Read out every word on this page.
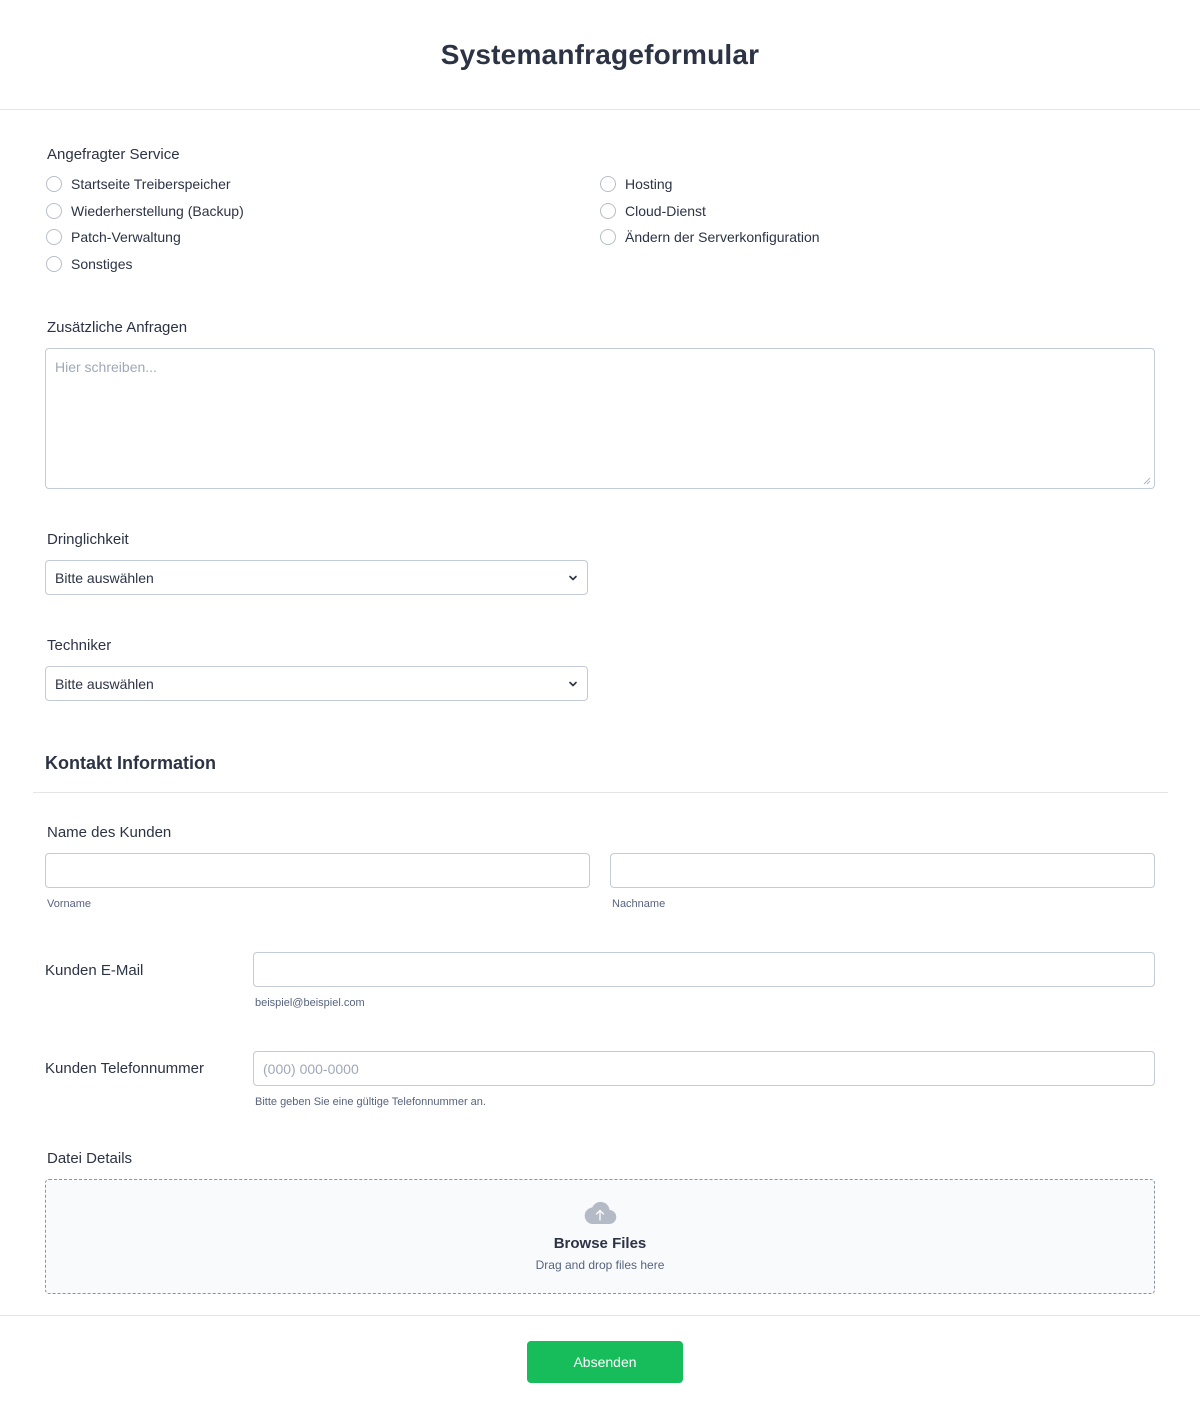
Systemanfrageformular
Angefragter Service
Startseite Treiberspeicher
Wiederherstellung (Backup)
Patch-Verwaltung
Sonstiges
Hosting
Cloud-Dienst
Ändern der Serverkonfiguration
Zusätzliche Anfragen
Hier schreiben...
Dringlichkeit
Bitte auswählen
Techniker
Bitte auswählen
Kontakt Information
Name des Kunden
Vorname	Nachname
Kunden E-Mail
beispiel@beispiel.com
Kunden Telefonnummer	(000) 000-0000
Bitte geben Sie eine gültige Telefonnummer an.
Datei Details
Browse Files
Drag and drop files here
Absenden
